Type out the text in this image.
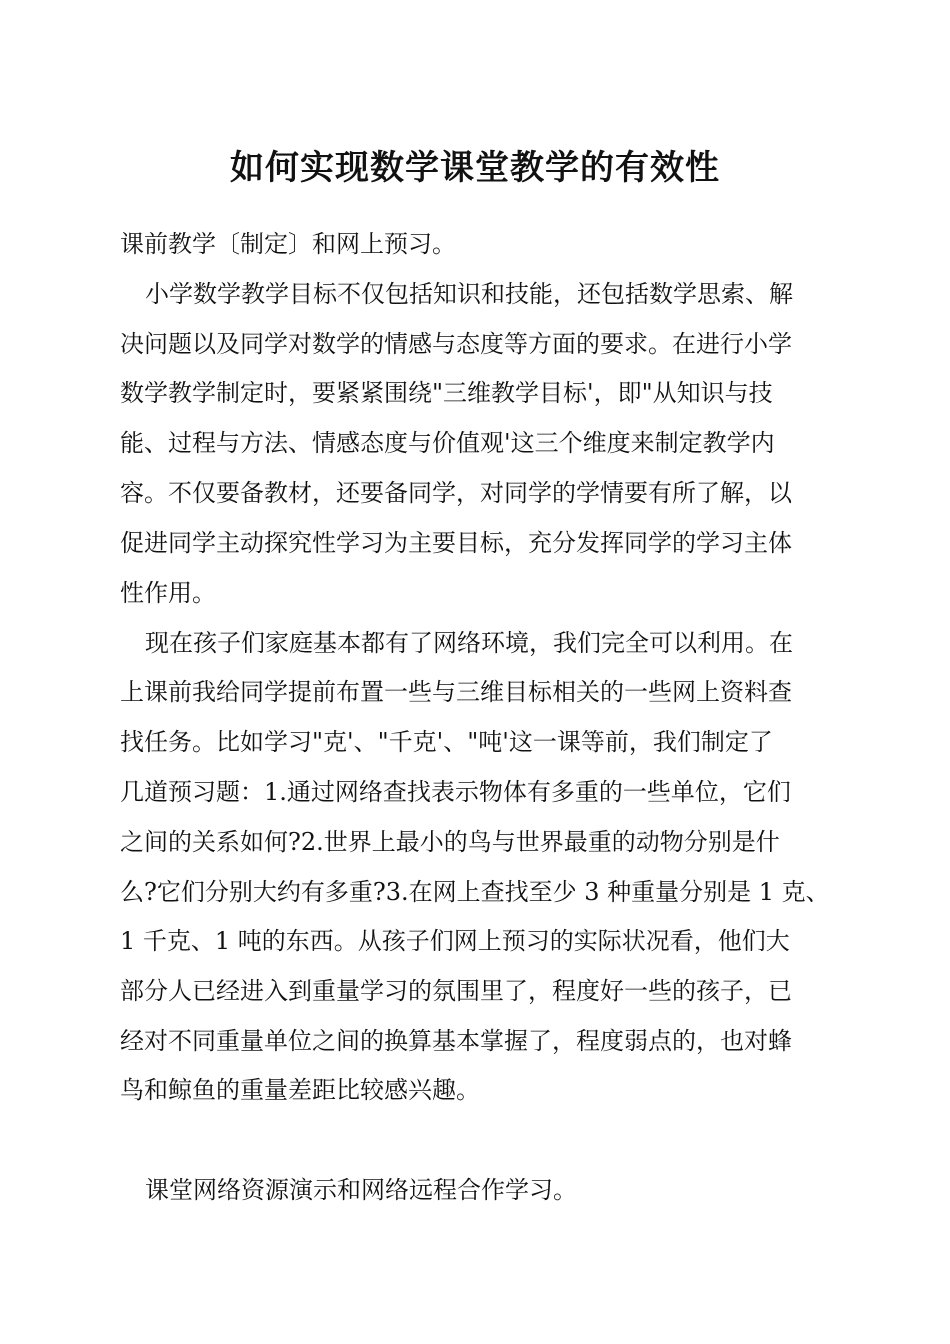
如何实现数学课堂教学的有效性
课前教学〔制定〕和网上预习。
小学数学教学目标不仅包括知识和技能，还包括数学思索、解
决问题以及同学对数学的情感与态度等方面的要求。在进行小学
数学教学制定时，要紧紧围绕"三维教学目标'，即"从知识与技
能、过程与方法、情感态度与价值观'这三个维度来制定教学内
容。不仅要备教材，还要备同学，对同学的学情要有所了解，以
促进同学主动探究性学习为主要目标，充分发挥同学的学习主体
性作用。
现在孩子们家庭基本都有了网络环境，我们完全可以利用。在
上课前我给同学提前布置一些与三维目标相关的一些网上资料查
找任务。比如学习"克'、"千克'、"吨'这一课等前，我们制定了
几道预习题：1.通过网络查找表示物体有多重的一些单位，它们
之间的关系如何?2.世界上最小的鸟与世界最重的动物分别是什
么?它们分别大约有多重?3.在网上查找至少 3 种重量分别是 1 克、
1 千克、1 吨的东西。从孩子们网上预习的实际状况看，他们大
部分人已经进入到重量学习的氛围里了，程度好一些的孩子，已
经对不同重量单位之间的换算基本掌握了，程度弱点的，也对蜂
鸟和鲸鱼的重量差距比较感兴趣。
课堂网络资源演示和网络远程合作学习。
